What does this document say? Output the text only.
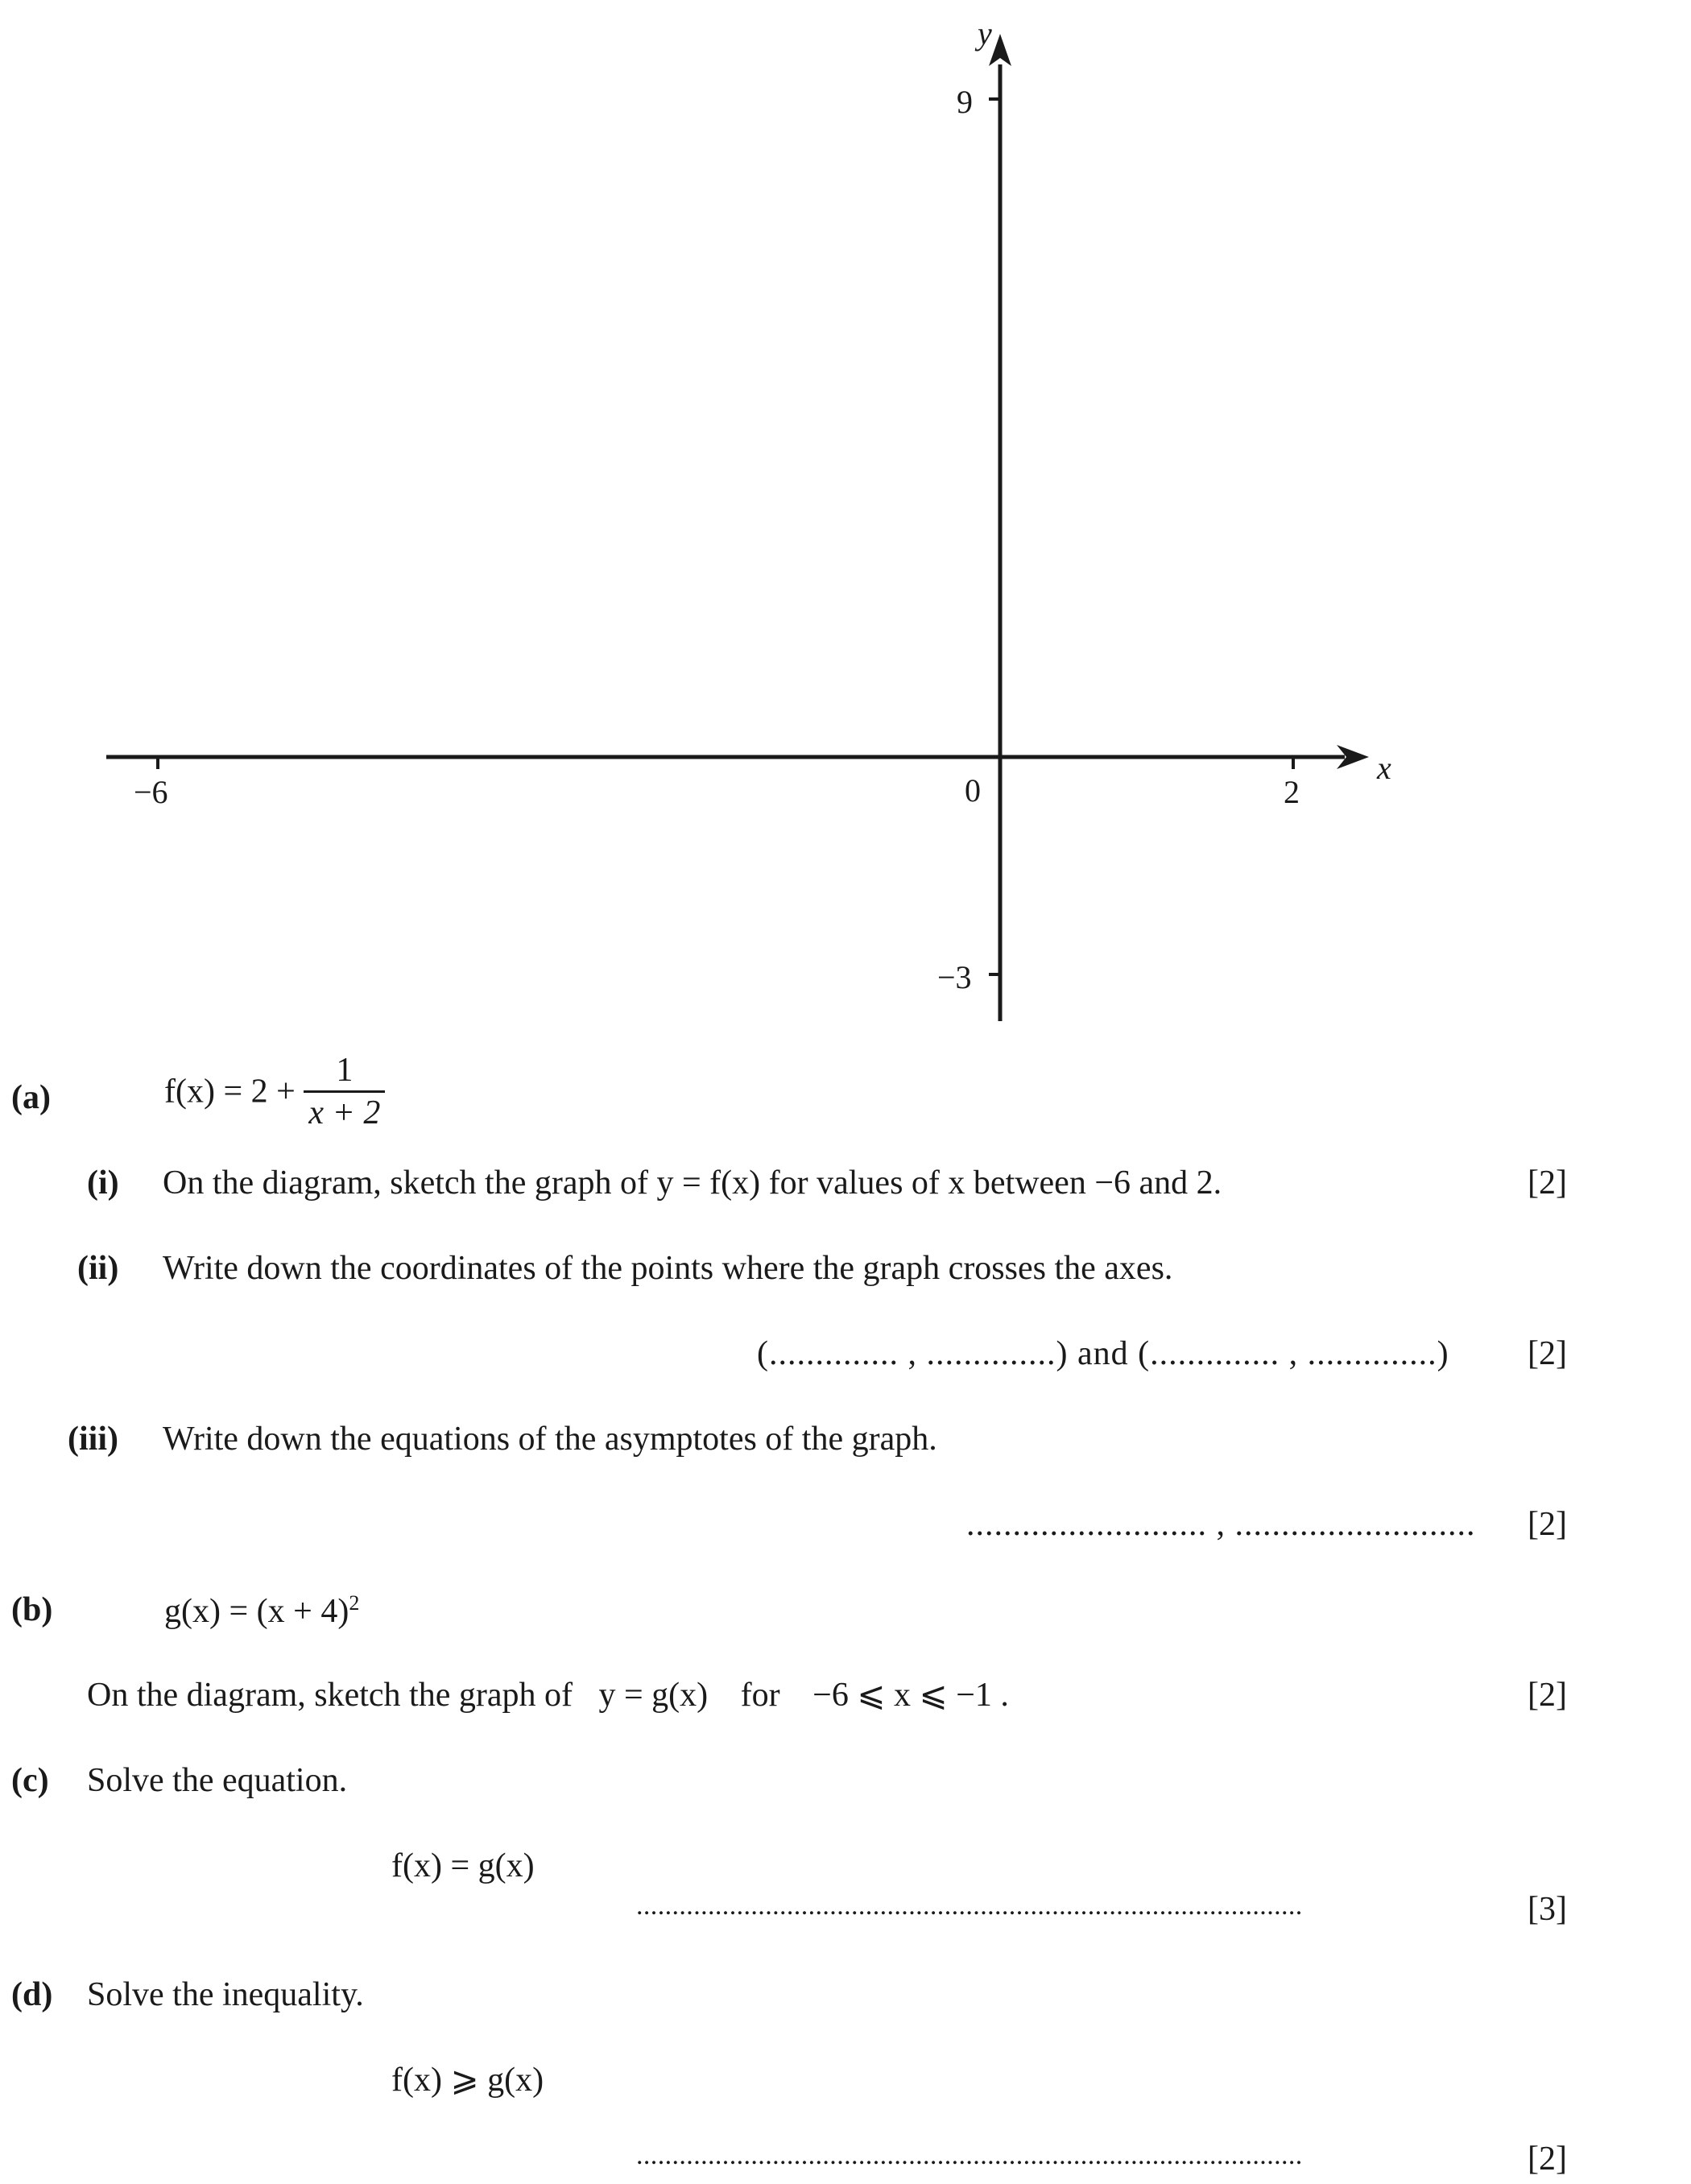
y
x
9
−3
−6	2
0
(a)	$f(x) = 2 + \frac{1}{x + 2}$
(i) On the diagram, sketch the graph of y = f(x) for values of x between −6 and 2.	[2]
(ii) Write down the coordinates of the points where the graph crosses the axes.
(.............. , ..............) and (.............. , ..............) [2]
(iii) Write down the equations of the asymptotes of the graph.
.......................... , .......................... [2]
(b)	$g(x) = (x + 4)^2$
On the diagram, sketch the graph of y = g(x) for −6 ⩽ x ⩽ −1 .	[2]
(c) Solve the equation.
f(x) = g(x)
.............................................................................................	[3]
(d) Solve the inequality.
f(x) ⩾ g(x)
.............................................................................................	[2]
